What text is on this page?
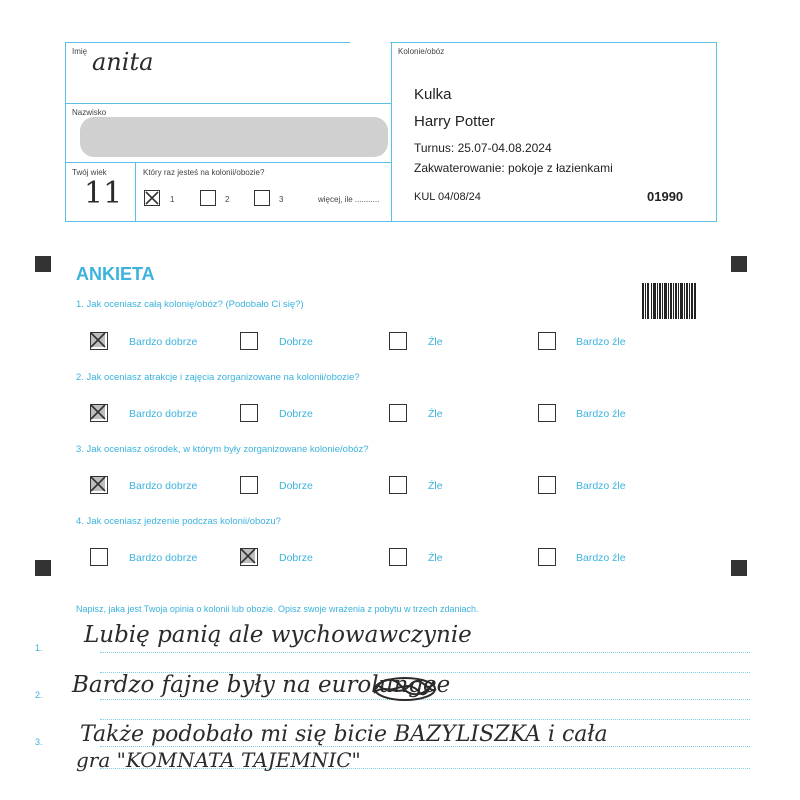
Imię anita
Nazwisko
Twój wiek
11
Który raz jesteś na kolonii/obozie?
1	2	3	więcej, ile ...........
Kolonie/obóz
Kulka
Harry Potter
Turnus: 25.07-04.08.2024
Zakwaterowanie: pokoje z łazienkami
KUL 04/08/24	01990
ANKIETA
1. Jak oceniasz całą kolonię/obóz? (Podobało Ci się?)
Bardzo dobrze	Dobrze	Źle	Bardzo źle
2. Jak oceniasz atrakcje i zajęcia zorganizowane na kolonii/obozie?
Bardzo dobrze	Dobrze	Źle	Bardzo źle
3. Jak oceniasz ośrodek, w którym były zorganizowane kolonie/obóz?
Bardzo dobrze	Dobrze	Źle	Bardzo źle
4. Jak oceniasz jedzenie podczas kolonii/obozu?
Bardzo dobrze	Dobrze	Źle	Bardzo źle
Napisz, jaka jest Twoja opinia o kolonii lub obozie. Opisz swoje wrażenia z pobytu w trzech zdaniach.
1.
2.
3.
Lubię panią ale wychowawczynie
Bardzo fajne były na eurolungee
Także podobało mi się bicie BAZYLISZKA i cała
gra "KOMNATA TAJEMNIC"
